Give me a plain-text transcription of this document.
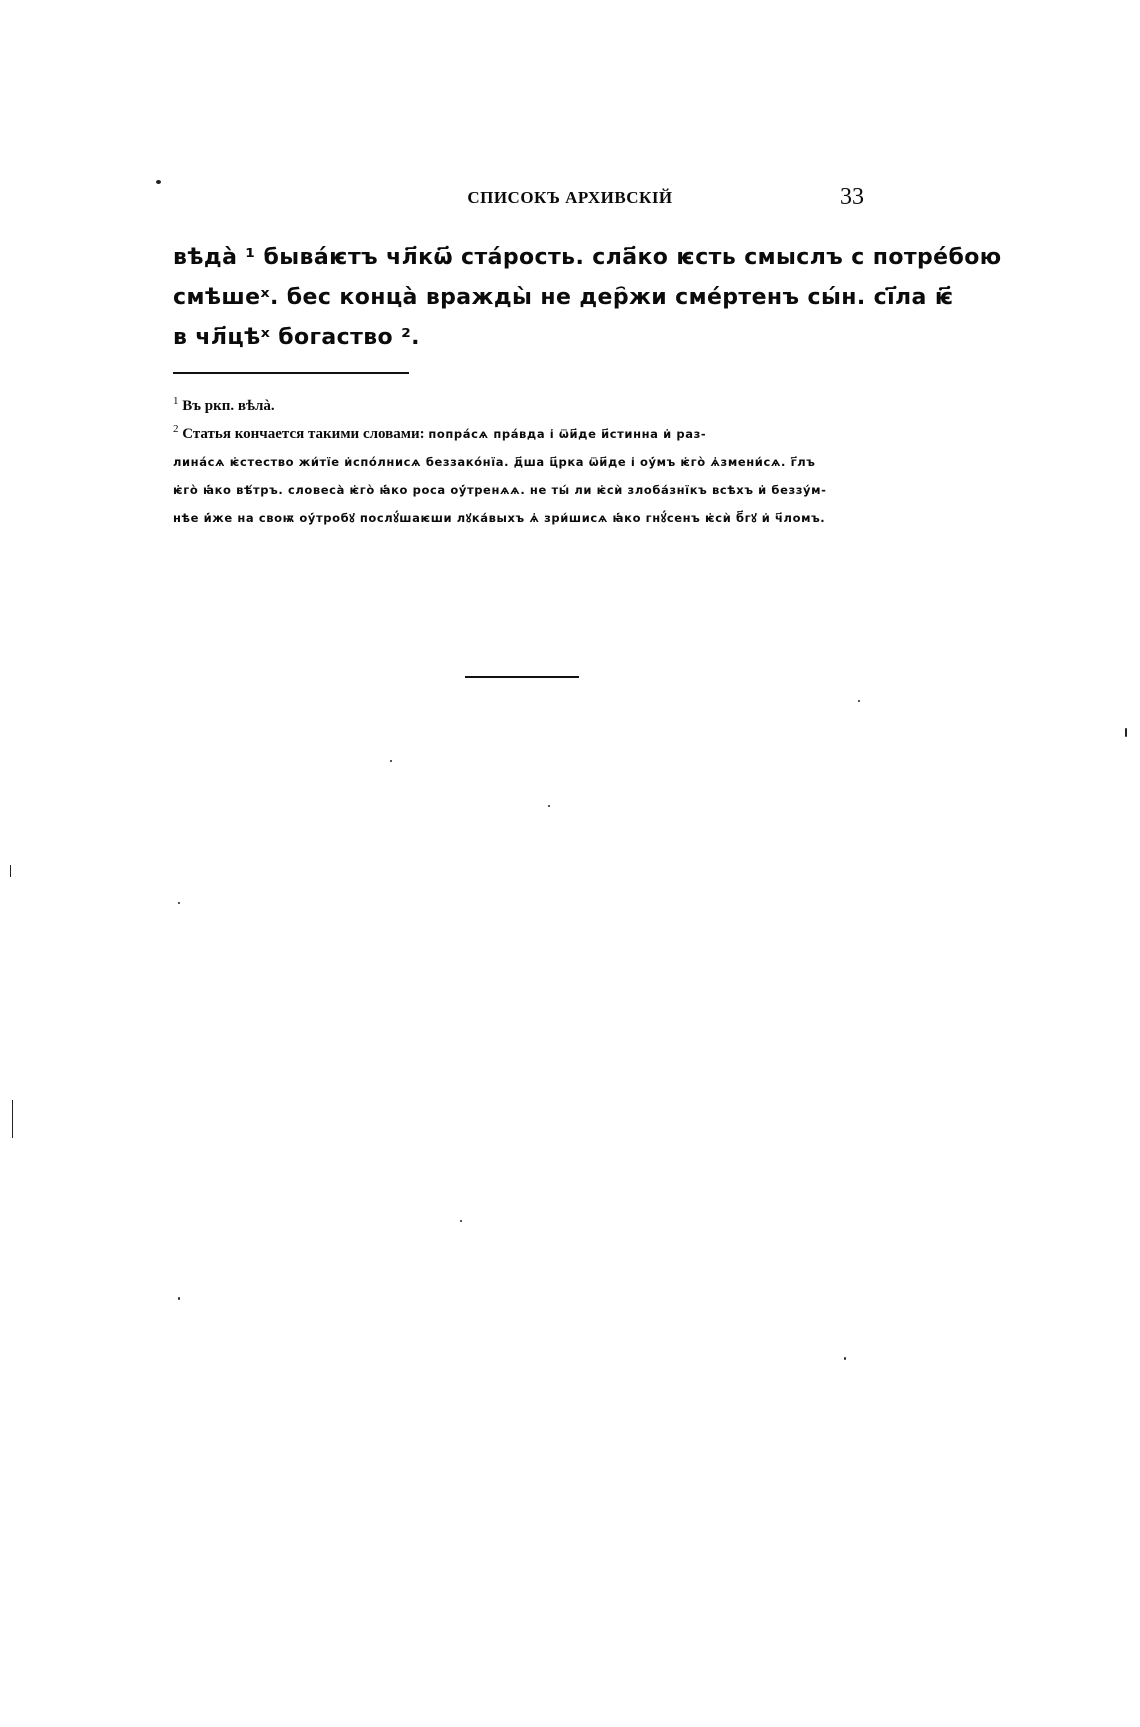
СПИСОКЪ АРХИВСКІЙ	33
вѣдà ¹ бывáѥтъ чл҃кѡ҃ стáрость. сла҃ко ѥсть смыслъ с потрéбою
смѣшеˣ. бес конца̀ вражды̀ не дер҄жи смéртенъ сы́н. сі҃ла ѥ҃
в чл҃цѣˣ богаство ².
$^1$ Въ ркп. вѣлà.
$^2$ Статья кончается такими словами: попрáсѧ прáвда і҆ ѿи҃де и҃стинна и҆ раз-
линáсѧ ѥ҆стество жи́тїе и҆спóлнисѧ беззакóнїа. д҃ша ц҃рка ѿи҃де і҆ оу҆́мъ ѥ҆гò ѧ҆змени́сѧ. г҃лъ
ѥ҆гò ꙗ҆́ко вѣ́тръ. словеса̀ ѥ҆гò ꙗ҆́ко роса оу҆́тренѧѧ. не ты́ ли ѥ҆сѝ злоба́знїкъ всѣхъ и҆ беззу́м-
нѣе и҆́же на своѭ оу҆́тробꙋ послꙋ́шаѥши лꙋка́выхъ ѧ҆ зри́шисѧ ꙗ҆́ко гнꙋ́сенъ ѥ҆сѝ б҃гꙋ и҆ ч҃ломъ.
